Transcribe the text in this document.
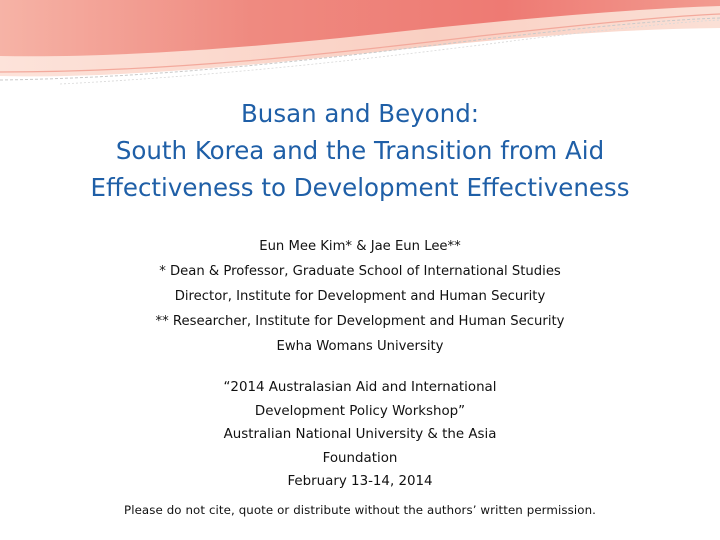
Busan and Beyond:
South Korea and the Transition from Aid
Effectiveness to Development Effectiveness
Eun Mee Kim* & Jae Eun Lee**
* Dean & Professor, Graduate School of International Studies
Director, Institute for Development and Human Security
** Researcher, Institute for Development and Human Security
Ewha Womans University
“2014 Australasian Aid and International
Development Policy Workshop”
Australian National University & the Asia
Foundation
February 13-14, 2014
Please do not cite, quote or distribute without the authors’ written permission.
